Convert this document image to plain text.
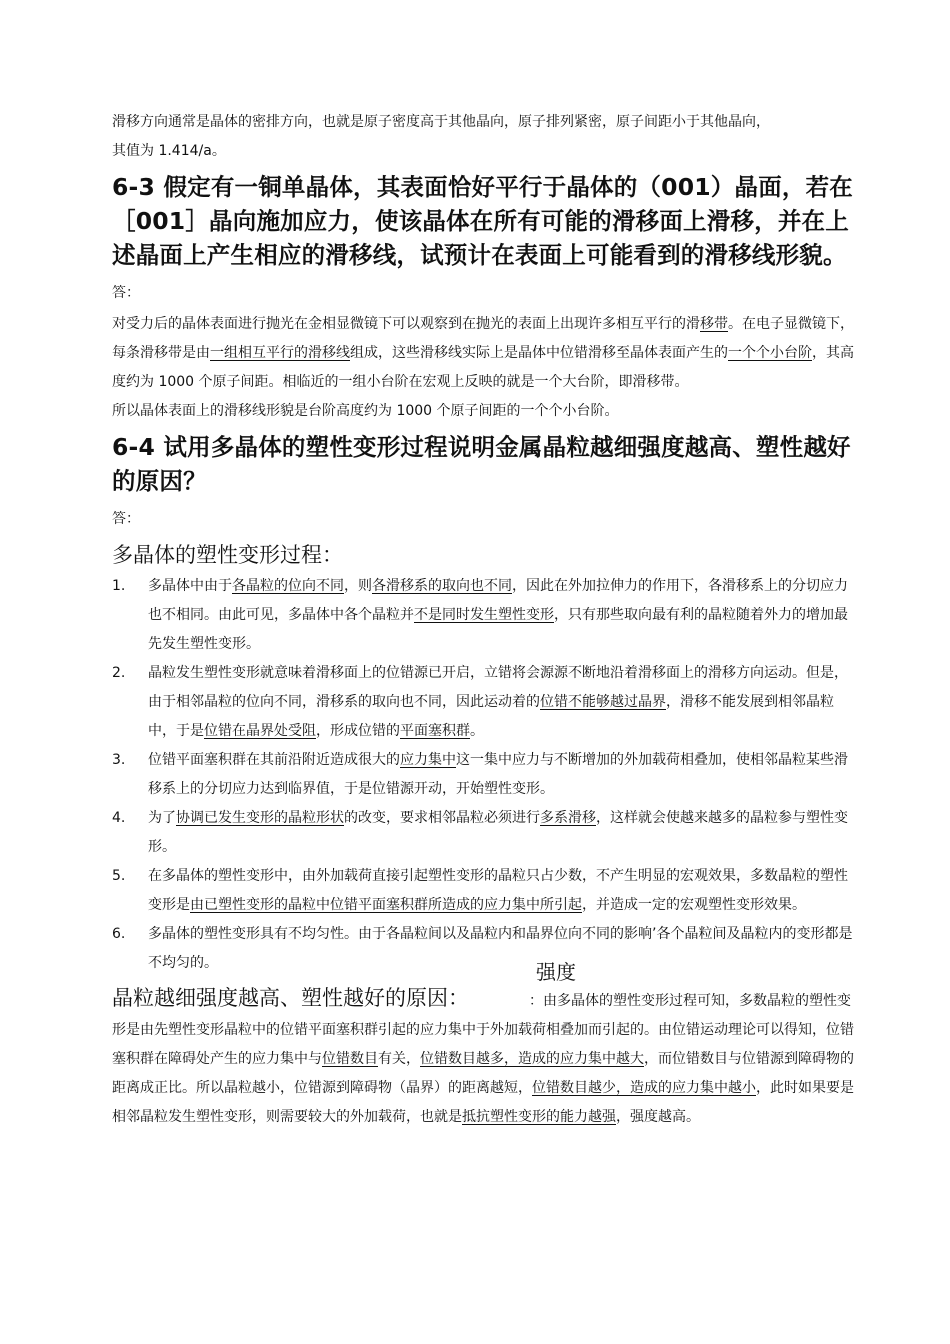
滑移方向通常是晶体的密排方向，也就是原子密度高于其他晶向，原子排列紧密，原子间距小于其他晶向，
其值为 1.414/a。

6-3 假定有一铜单晶体，其表面恰好平行于晶体的（001）晶面，若在［001］晶向施加应力，使该晶体在所有可能的滑移面上滑移，并在上述晶面上产生相应的滑移线，试预计在表面上可能看到的滑移线形貌。

答：

对受力后的晶体表面进行抛光在金相显微镜下可以观察到在抛光的表面上出现许多相互平行的滑移带。在电子显微镜下，每条滑移带是由一组相互平行的滑移线组成，这些滑移线实际上是晶体中位错滑移至晶体表面产生的一个个小台阶，其高度约为 1000 个原子间距。相临近的一组小台阶在宏观上反映的就是一个大台阶，即滑移带。

所以晶体表面上的滑移线形貌是台阶高度约为 1000 个原子间距的一个个小台阶。

6-4 试用多晶体的塑性变形过程说明金属晶粒越细强度越高、塑性越好的原因？

答：

多晶体的塑性变形过程：
1.	多晶体中由于各晶粒的位向不同，则各滑移系的取向也不同，因此在外加拉伸力的作用下，各滑移系上的分切应力也不相同。由此可见，多晶体中各个晶粒并不是同时发生塑性变形，只有那些取向最有利的晶粒随着外力的增加最先发生塑性变形。
2.	晶粒发生塑性变形就意味着滑移面上的位错源已开启，立错将会源源不断地沿着滑移面上的滑移方向运动。但是，由于相邻晶粒的位向不同，滑移系的取向也不同，因此运动着的位错不能够越过晶界，滑移不能发展到相邻晶粒中，于是位错在晶界处受阻，形成位错的平面塞积群。
3.	位错平面塞积群在其前沿附近造成很大的应力集中这一集中应力与不断增加的外加载荷相叠加，使相邻晶粒某些滑移系上的分切应力达到临界值，于是位错源开动，开始塑性变形。
4.	为了协调已发生变形的晶粒形状的改变，要求相邻晶粒必须进行多系滑移，这样就会使越来越多的晶粒参与塑性变形。
5.	在多晶体的塑性变形中，由外加载荷直接引起塑性变形的晶粒只占少数，不产生明显的宏观效果，多数晶粒的塑性变形是由已塑性变形的晶粒中位错平面塞积群所造成的应力集中所引起，并造成一定的宏观塑性变形效果。
6.	多晶体的塑性变形具有不均匀性。由于各晶粒间以及晶粒内和晶界位向不同的影响’各个晶粒间及晶粒内的变形都是不均匀的。	强度

晶粒越细强度越高、塑性越好的原因：	：由多晶体的塑性变形过程可知，多数晶粒的塑性变形是由先塑性变形晶粒中的位错平面塞积群引起的应力集中于外加载荷相叠加而引起的。由位错运动理论可以得知，位错塞积群在障碍处产生的应力集中与位错数目有关，位错数目越多，造成的应力集中越大，而位错数目与位错源到障碍物的距离成正比。所以晶粒越小，位错源到障碍物（晶界）的距离越短，位错数目越少，造成的应力集中越小，此时如果要是相邻晶粒发生塑性变形，则需要较大的外加载荷，也就是抵抗塑性变形的能力越强，强度越高。
